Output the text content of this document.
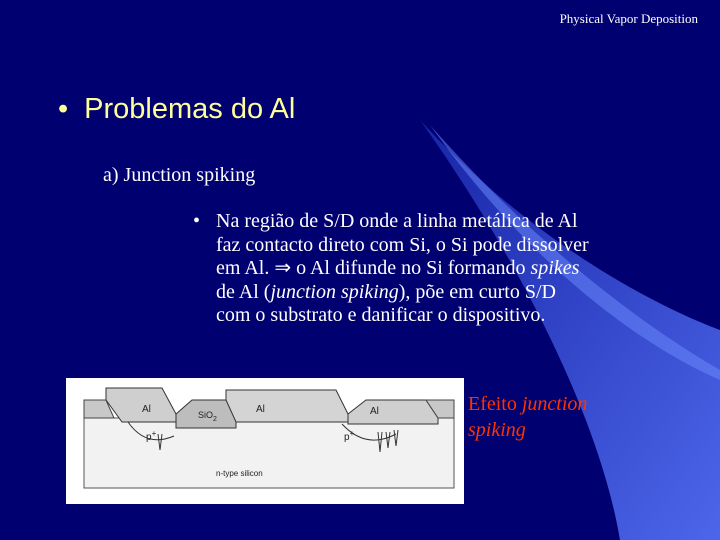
Physical Vapor Deposition
• Problemas do Al
a) Junction spiking
• Na região de S/D onde a linha metálica de Al
faz contacto direto com Si, o Si pode dissolver
em Al. ⇒ o Al difunde no Si formando spikes
de Al (junction spiking), põe em curto S/D
com o substrato e danificar o dispositivo.
Al	SiO$_2$
Al	Al
p+	p+
n-type silicon
Efeito junction
spiking
